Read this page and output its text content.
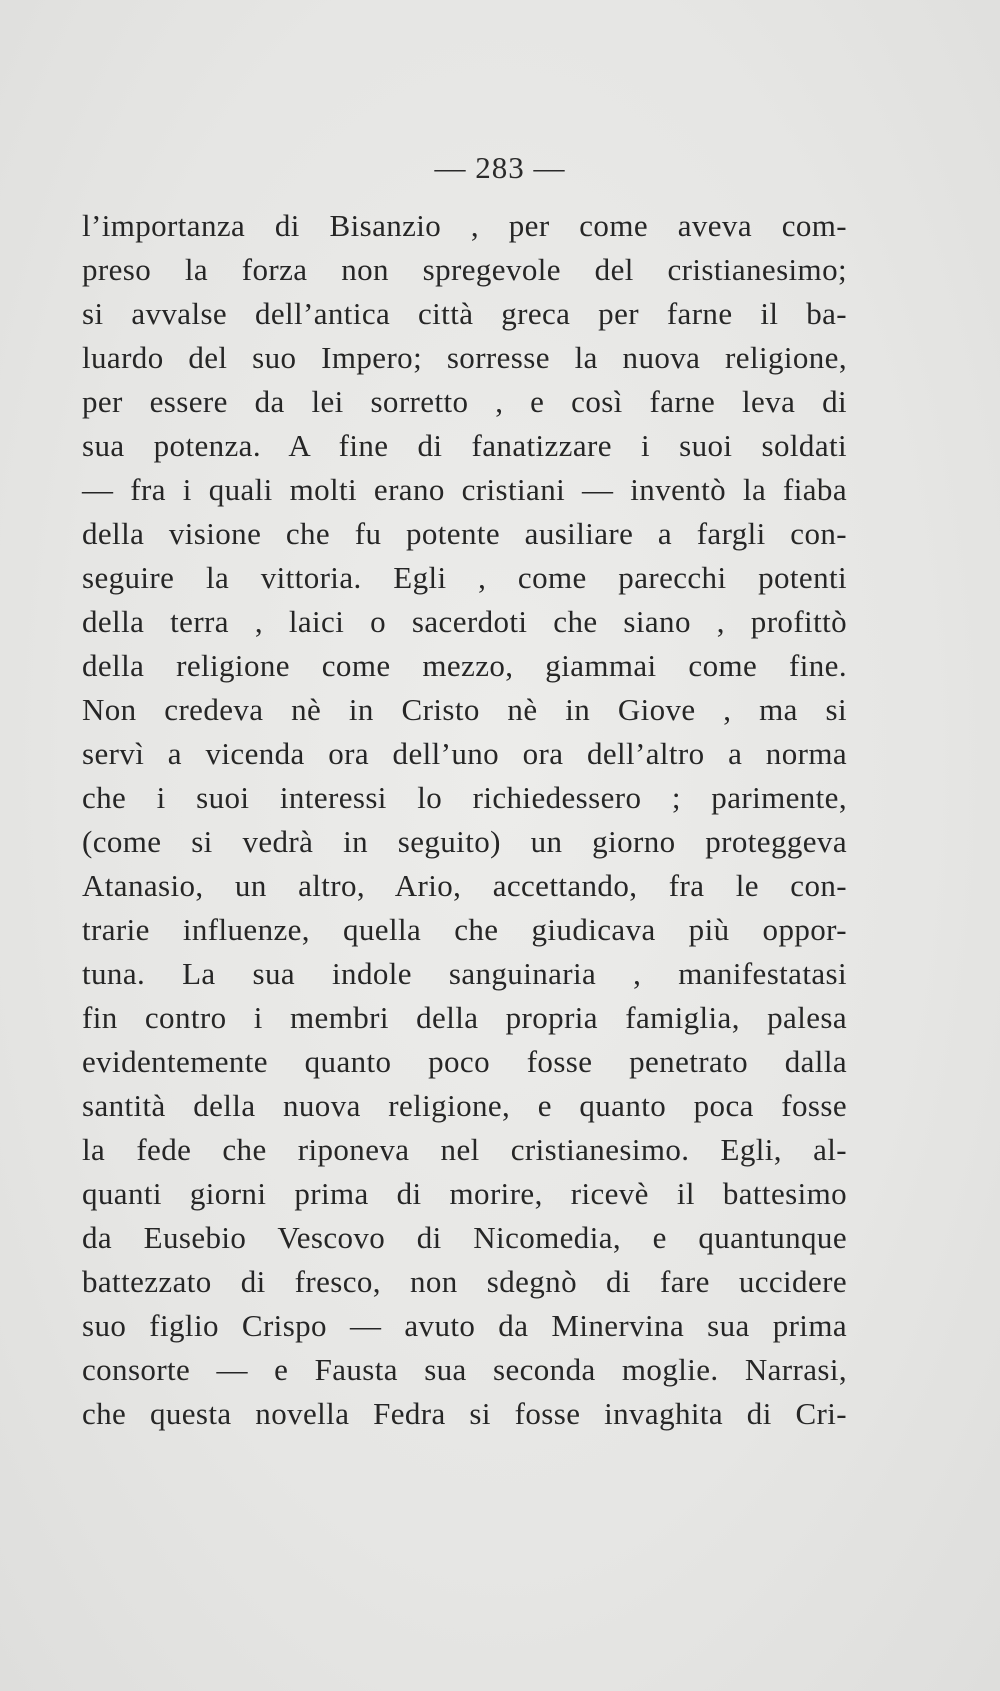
— 283 —
l’importanza di Bisanzio , per come aveva com-
preso la forza non spregevole del cristianesimo;
si avvalse dell’antica città greca per farne il ba-
luardo del suo Impero; sorresse la nuova religione,
per essere da lei sorretto , e così farne leva di
sua potenza. A fine di fanatizzare i suoi soldati
— fra i quali molti erano cristiani — inventò la fiaba
della visione che fu potente ausiliare a fargli con-
seguire la vittoria. Egli , come parecchi potenti
della terra , laici o sacerdoti che siano , profittò
della religione come mezzo, giammai come fine.
Non credeva nè in Cristo nè in Giove , ma si
servì a vicenda ora dell’uno ora dell’altro a norma
che i suoi interessi lo richiedessero ; parimente,
(come si vedrà in seguito) un giorno proteggeva
Atanasio, un altro, Ario, accettando, fra le con-
trarie influenze, quella che giudicava più oppor-
tuna. La sua indole sanguinaria , manifestatasi
fin contro i membri della propria famiglia, palesa
evidentemente quanto poco fosse penetrato dalla
santità della nuova religione, e quanto poca fosse
la fede che riponeva nel cristianesimo. Egli, al-
quanti giorni prima di morire, ricevè il battesimo
da Eusebio Vescovo di Nicomedia, e quantunque
battezzato di fresco, non sdegnò di fare uccidere
suo figlio Crispo — avuto da Minervina sua prima
consorte — e Fausta sua seconda moglie. Narrasi,
che questa novella Fedra si fosse invaghita di Cri-
